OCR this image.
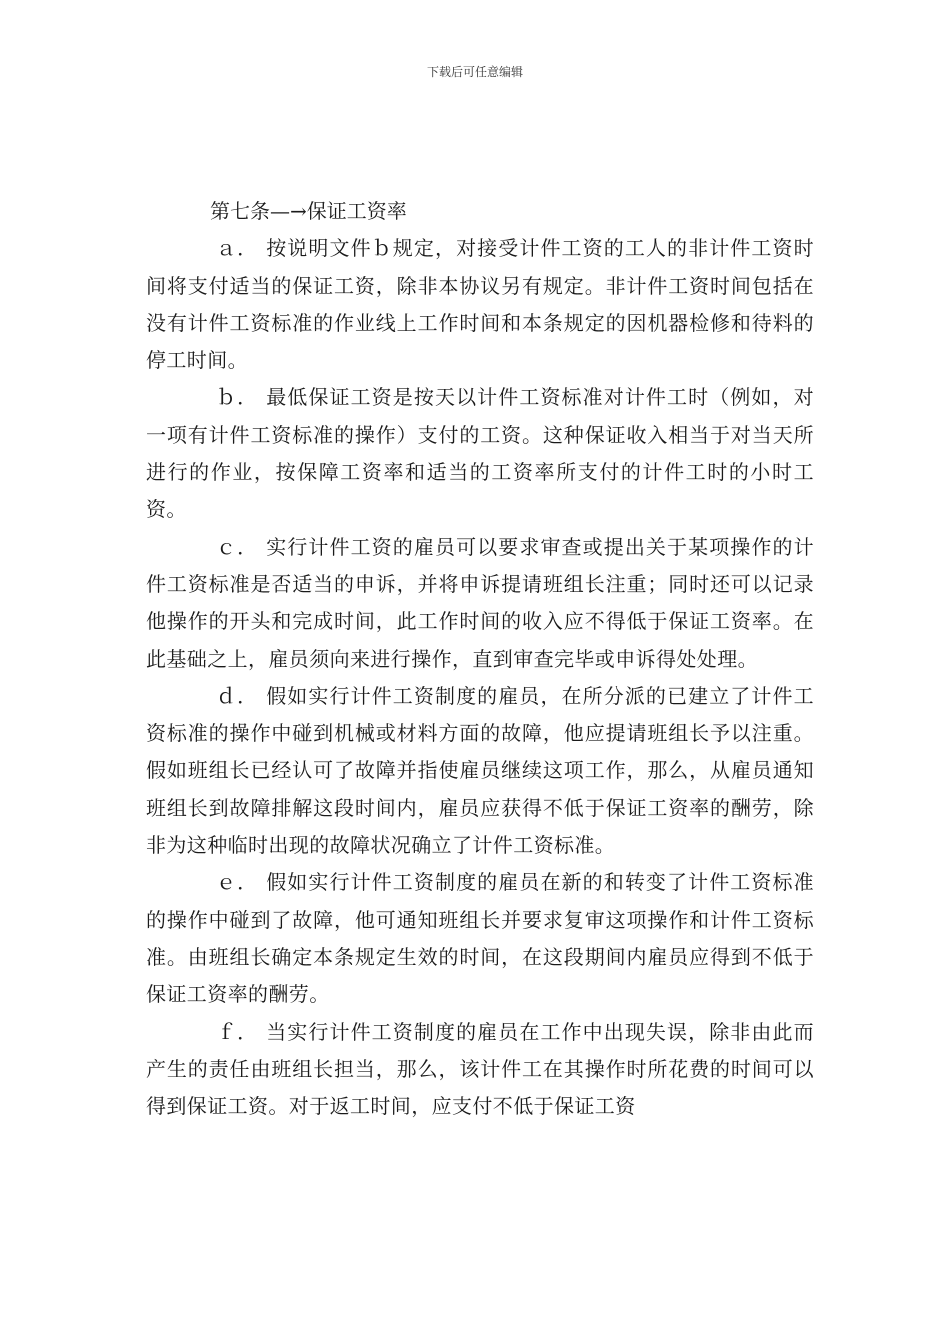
下载后可任意编辑

第七条—→保证工资率

ａ． 按说明文件ｂ规定，对接受计件工资的工人的非计件工资时间将支付适当的保证工资，除非本协议另有规定。非计件工资时间包括在没有计件工资标准的作业线上工作时间和本条规定的因机器检修和待料的停工时间。

ｂ． 最低保证工资是按天以计件工资标准对计件工时（例如，对一项有计件工资标准的操作）支付的工资。这种保证收入相当于对当天所进行的作业，按保障工资率和适当的工资率所支付的计件工时的小时工资。

ｃ． 实行计件工资的雇员可以要求审查或提出关于某项操作的计件工资标准是否适当的申诉，并将申诉提请班组长注重；同时还可以记录他操作的开头和完成时间，此工作时间的收入应不得低于保证工资率。在此基础之上，雇员须向来进行操作，直到审查完毕或申诉得处处理。

ｄ． 假如实行计件工资制度的雇员，在所分派的已建立了计件工资标准的操作中碰到机械或材料方面的故障，他应提请班组长予以注重。假如班组长已经认可了故障并指使雇员继续这项工作，那么，从雇员通知班组长到故障排解这段时间内，雇员应获得不低于保证工资率的酬劳，除非为这种临时出现的故障状况确立了计件工资标准。

ｅ． 假如实行计件工资制度的雇员在新的和转变了计件工资标准的操作中碰到了故障，他可通知班组长并要求复审这项操作和计件工资标准。由班组长确定本条规定生效的时间，在这段期间内雇员应得到不低于保证工资率的酬劳。

ｆ． 当实行计件工资制度的雇员在工作中出现失误，除非由此而产生的责任由班组长担当，那么，该计件工在其操作时所花费的时间可以得到保证工资。对于返工时间，应支付不低于保证工资
